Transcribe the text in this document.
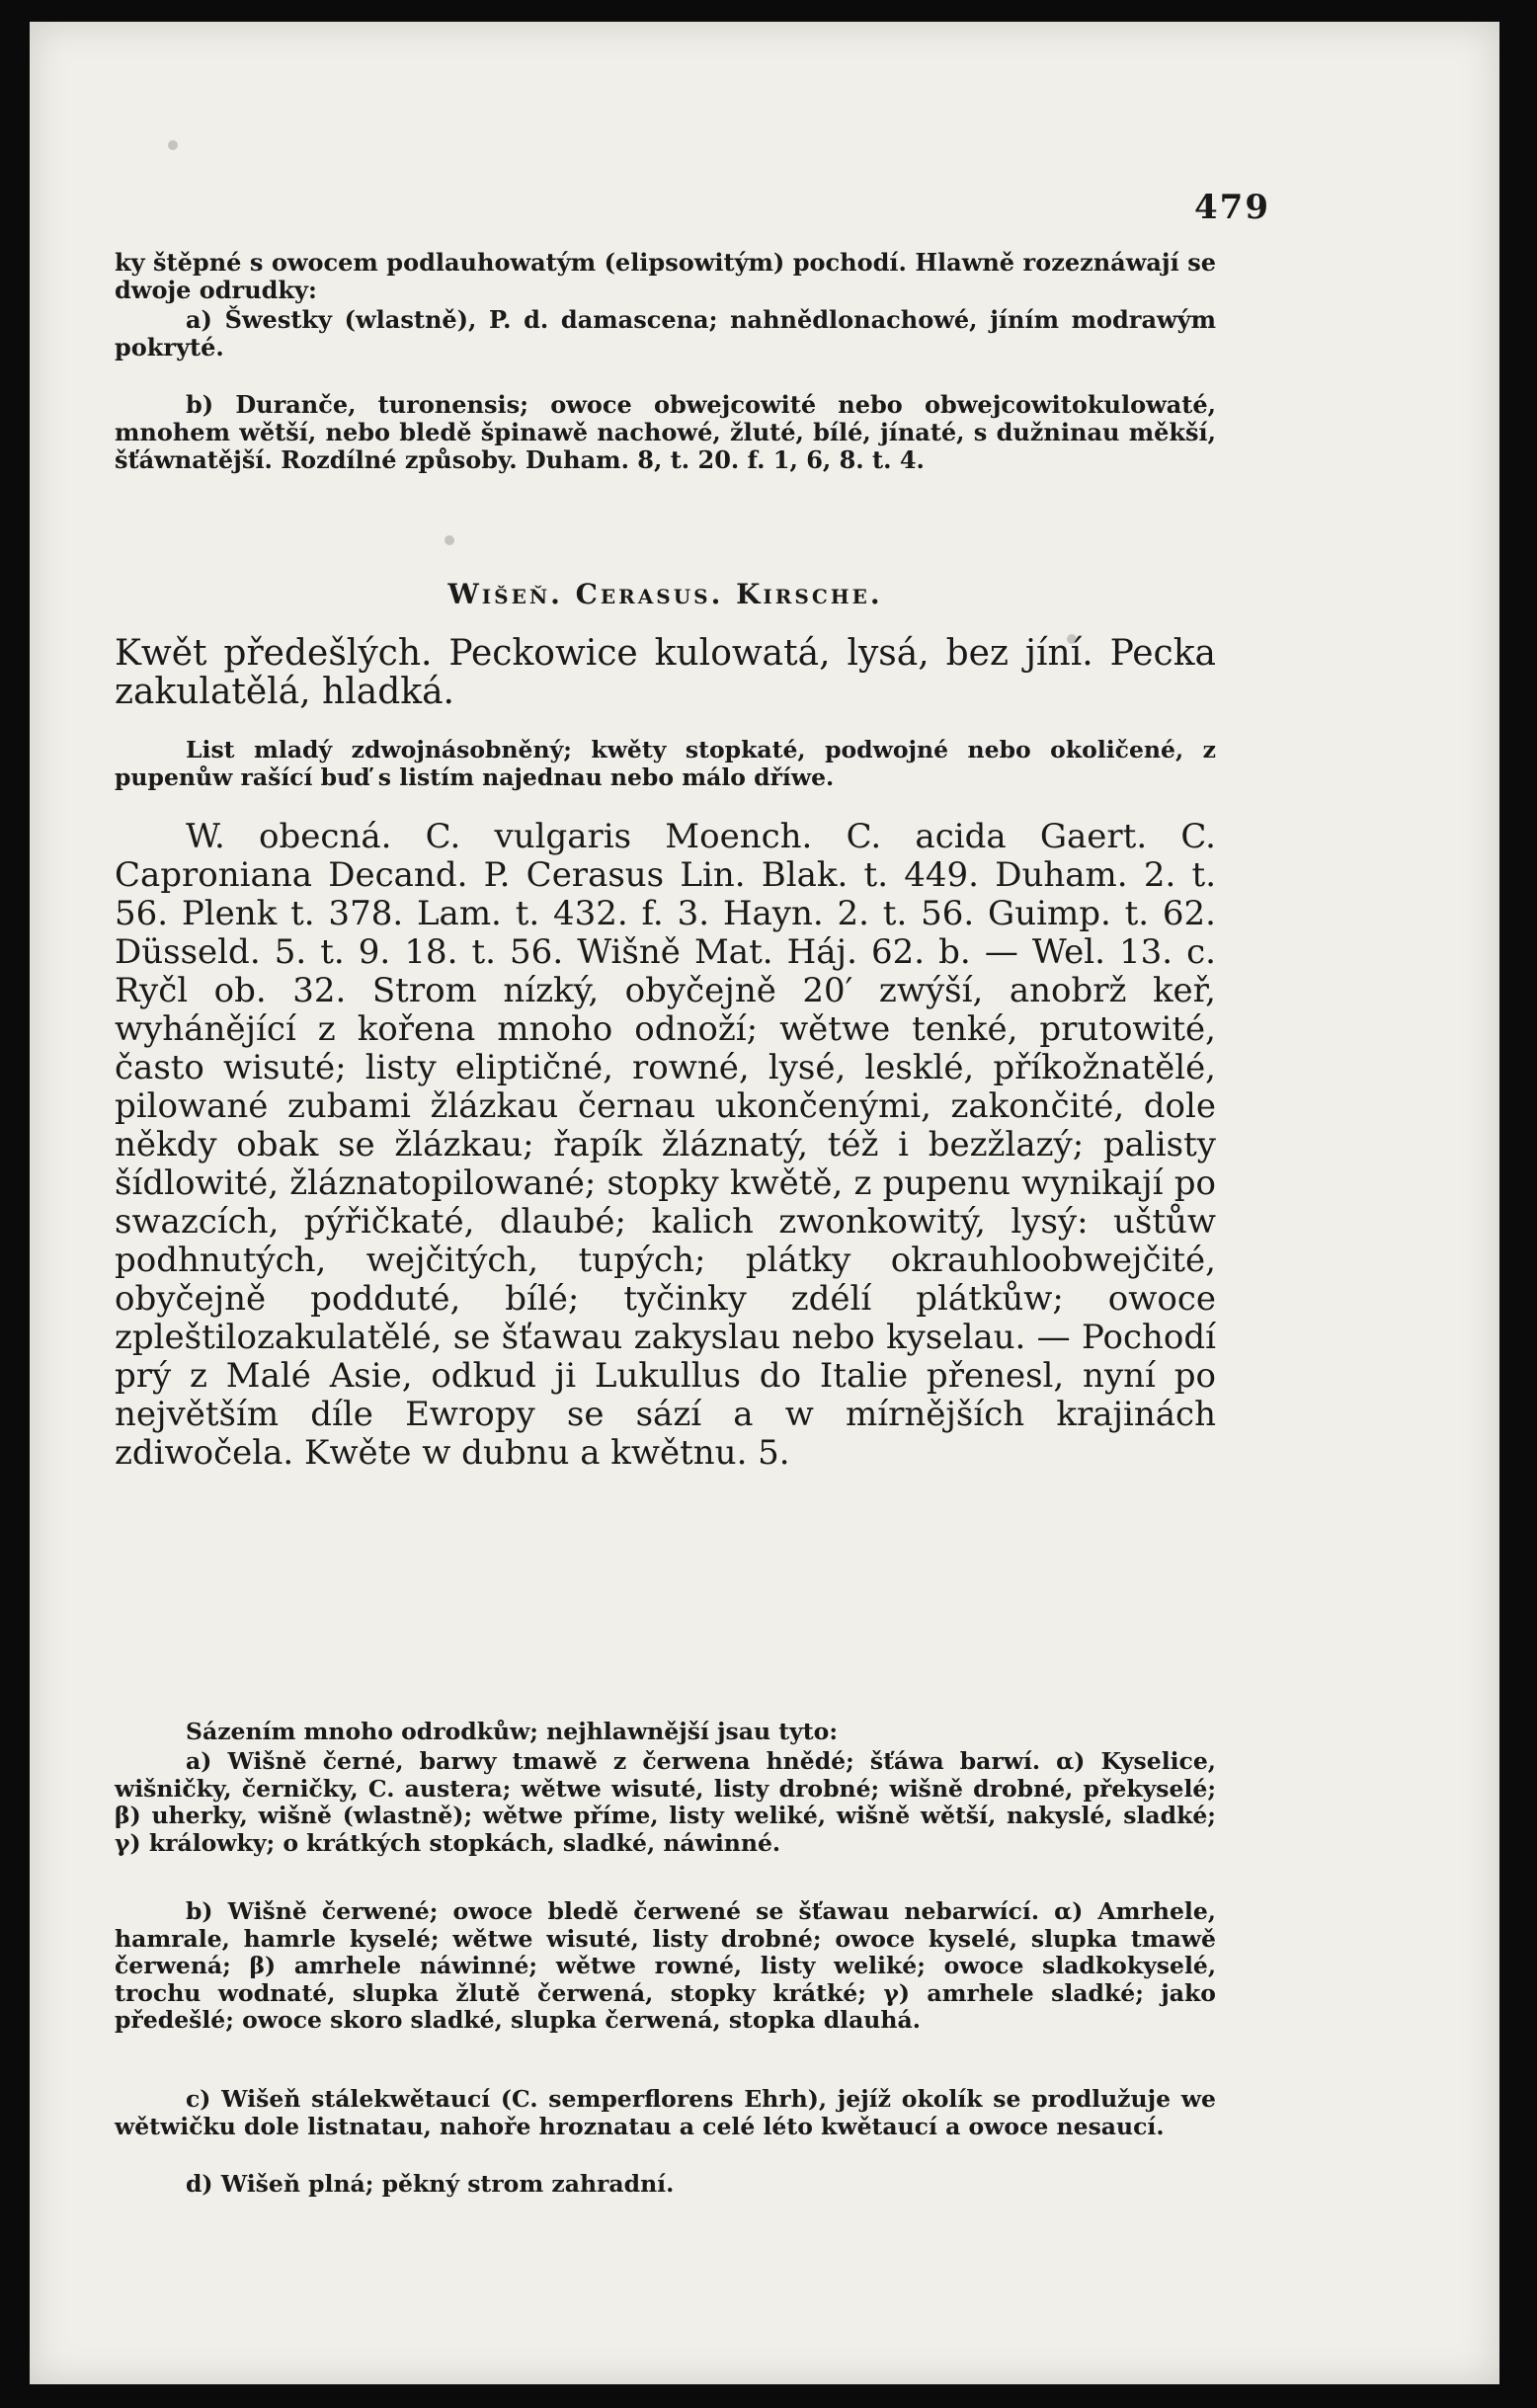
479
ky štěpné s owocem podlauhowatým (elipsowitým) pochodí. Hlawně rozeznáwají se dwoje odrudky:
a) Šwestky (wlastně), P. d. damascena; nahnědlonachowé, jíním modrawým pokryté.
b) Durančе, turonensis; owoce obwejcowité nebo obwejcowitokulowaté, mnohem wětší, nebo bledě špinawě nachowé, žluté, bílé, jínaté, s dužninau měkší, šťáwnatější. Rozdílné způsoby. Duham. 8, t. 20. f. 1, 6, 8. t. 4.
Wišeň. Cerasus. Kirsche.
Kwět předešlých. Peckowice kulowatá, lysá, bez jíní. Pecka zakulatělá, hladká.
List mladý zdwojnásobněný; kwěty stopkaté, podwojné nebo okoličené, z pupenůw rašící buď s listím najednau nebo málo dříwe.
W. obecná. C. vulgaris Moench. C. acida Gaert. C. Caproniana Decand. P. Cerasus Lin. Blak. t. 449. Duham. 2. t. 56. Plenk t. 378. Lam. t. 432. f. 3. Hayn. 2. t. 56. Guimp. t. 62. Düsseld. 5. t. 9. 18. t. 56. Wišně Mat. Háj. 62. b. — Wel. 13. c. Ryčl ob. 32. Strom nízký, obyčejně 20′ zwýší, anobrž keř, wyhánějící z kořena mnoho odnoží; wětwe tenké, prutowité, často wisuté; listy eliptičné, rowné, lysé, lesklé, příkožnatělé, pilowané zubami žlázkau černau ukončenými, zakončité, dole někdy obak se žlázkau; řapík žláznatý, též i bezžlazý; palisty šídlowité, žláznatopilowané; stopky kwětě, z pupenu wynikají po swazcích, pýřičkaté, dlaubé; kalich zwonkowitý, lysý: uštůw podhnutých, wejčitých, tupých; plátky okrauhloobwejčité, obyčejně podduté, bílé; tyčinky zdélí plátkůw; owoce zpleštilozakulatělé, se šťawau zakyslau nebo kyselau. — Pochodí prý z Malé Asie, odkud ji Lukullus do Italie přenesl, nyní po největším díle Ewropy se sází a w mírnějších krajinách zdiwočela. Kwěte w dubnu a kwětnu. 5.
Sázením mnoho odrodkůw; nejhlawnější jsau tyto:
a) Wišně černé, barwy tmawě z čerwena hnědé; šťáwa barwí. α) Kyselice, wišničky, černičky, C. austera; wětwe wisuté, listy drobné; wišně drobné, překyselé; β) uherky, wišně (wlastně); wětwe příme, listy weliké, wišně wětší, nakyslé, sladké; γ) králowky; o krátkých stopkách, sladké, náwinné.
b) Wišně čerwené; owoce bledě čerwené se šťawau nebarwící. α) Amrhele, hamrale, hamrle kyselé; wětwe wisuté, listy drobné; owoce kyselé, slupka tmawě čerwená; β) amrhele náwinné; wětwe rowné, listy weliké; owoce sladkokyselé, trochu wodnaté, slupka žlutě čerwená, stopky krátké; γ) amrhele sladké; jako předešlé; owoce skoro sladké, slupka čerwená, stopka dlauhá.
c) Wišeň stálekwětaucí (C. semperflorens Ehrh), jejíž okolík se prodlužuje we wětwičku dole listnatau, nahoře hroznatau a celé léto kwětaucí a owoce nesaucí.
d) Wišeň plná; pěkný strom zahradní.
